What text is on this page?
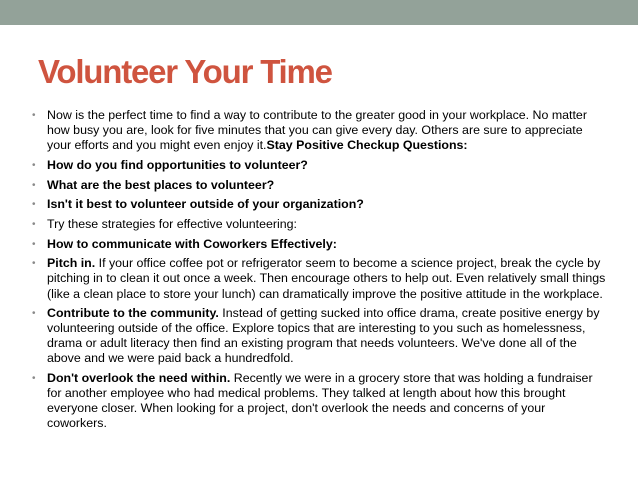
Volunteer Your Time
• Now is the perfect time to find a way to contribute to the greater good in your workplace. No matter how busy you are, look for five minutes that you can give every day. Others are sure to appreciate your efforts and you might even enjoy it.Stay Positive Checkup Questions:
• How do you find opportunities to volunteer?
• What are the best places to volunteer?
• Isn't it best to volunteer outside of your organization?
• Try these strategies for effective volunteering:
• How to communicate with Coworkers Effectively:
• Pitch in. If your office coffee pot or refrigerator seem to become a science project, break the cycle by pitching in to clean it out once a week. Then encourage others to help out. Even relatively small things (like a clean place to store your lunch) can dramatically improve the positive attitude in the workplace.
• Contribute to the community. Instead of getting sucked into office drama, create positive energy by volunteering outside of the office. Explore topics that are interesting to you such as homelessness, drama or adult literacy then find an existing program that needs volunteers. We've done all of the above and we were paid back a hundredfold.
• Don't overlook the need within. Recently we were in a grocery store that was holding a fundraiser for another employee who had medical problems. They talked at length about how this brought everyone closer. When looking for a project, don't overlook the needs and concerns of your coworkers.
